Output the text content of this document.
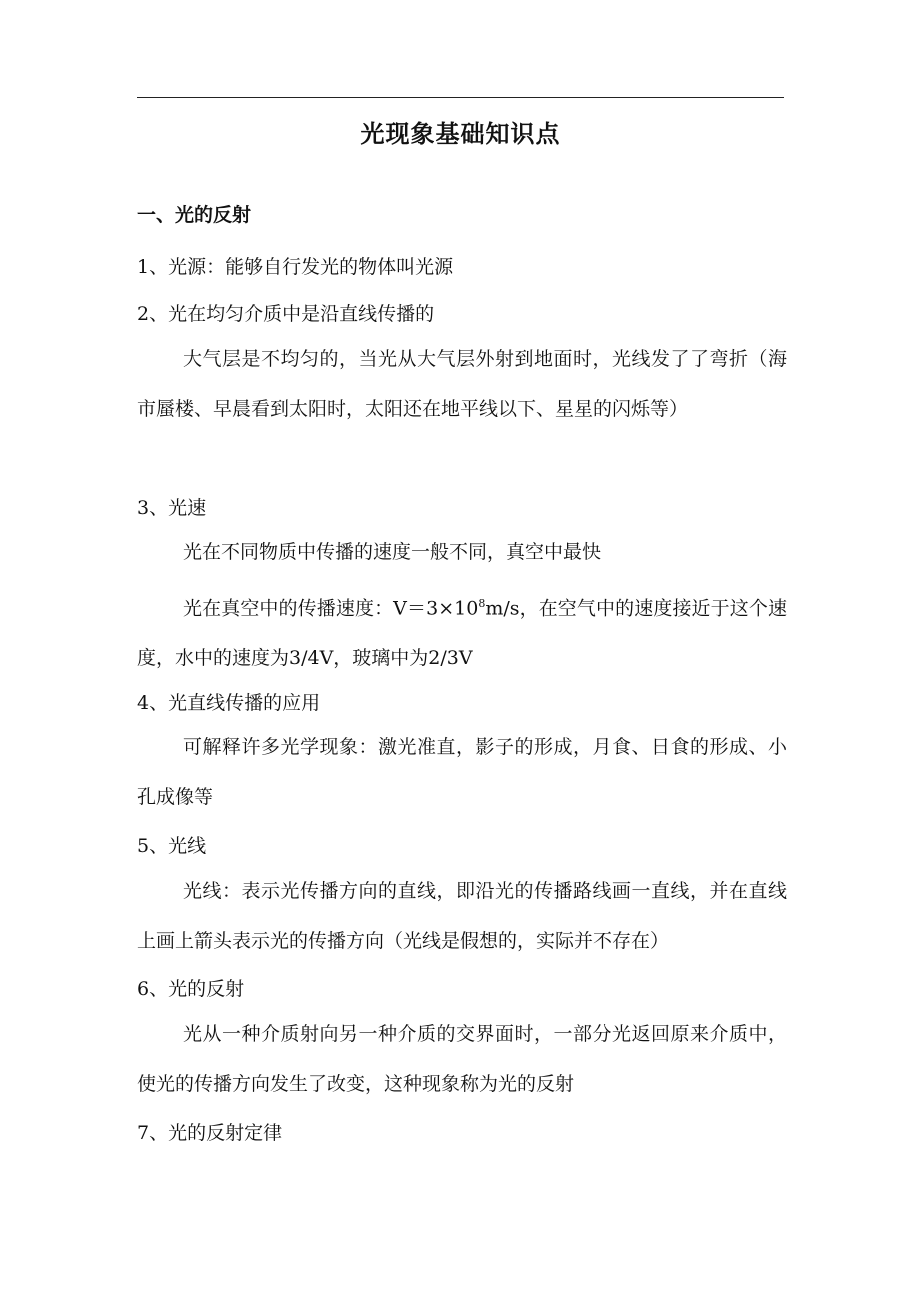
光现象基础知识点
一、光的反射
1、光源：能够自行发光的物体叫光源
2、光在均匀介质中是沿直线传播的
大气层是不均匀的，当光从大气层外射到地面时，光线发了了弯折（海市蜃楼、早晨看到太阳时，太阳还在地平线以下、星星的闪烁等）
3、光速
光在不同物质中传播的速度一般不同，真空中最快
光在真空中的传播速度：$V=3\times 10^8m/s$，在空气中的速度接近于这个速度，水中的速度为3/4V，玻璃中为2/3V
4、光直线传播的应用
可解释许多光学现象：激光准直，影子的形成，月食、日食的形成、小孔成像等
5、光线
光线：表示光传播方向的直线，即沿光的传播路线画一直线，并在直线上画上箭头表示光的传播方向（光线是假想的，实际并不存在）
6、光的反射
光从一种介质射向另一种介质的交界面时，一部分光返回原来介质中，使光的传播方向发生了改变，这种现象称为光的反射
7、光的反射定律
